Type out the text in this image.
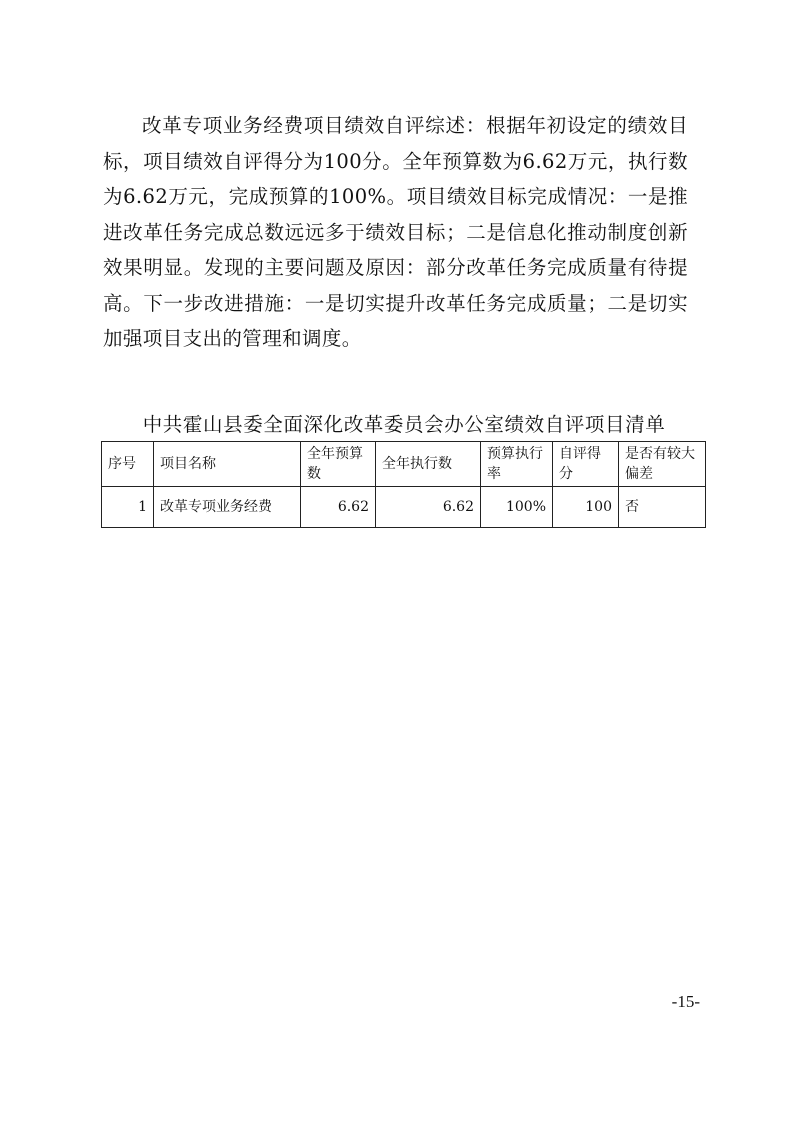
改革专项业务经费项目绩效自评综述：根据年初设定的绩效目标，项目绩效自评得分为100分。全年预算数为6.62万元，执行数为6.62万元，完成预算的100%。项目绩效目标完成情况：一是推进改革任务完成总数远远多于绩效目标；二是信息化推动制度创新效果明显。发现的主要问题及原因：部分改革任务完成质量有待提高。下一步改进措施：一是切实提升改革任务完成质量；二是切实加强项目支出的管理和调度。

中共霍山县委全面深化改革委员会办公室绩效自评项目清单
序号	项目名称	全年预算数	全年执行数	预算执行率	自评得分	是否有较大偏差
1	改革专项业务经费	6.62	6.62	100%	100	否
-15-
